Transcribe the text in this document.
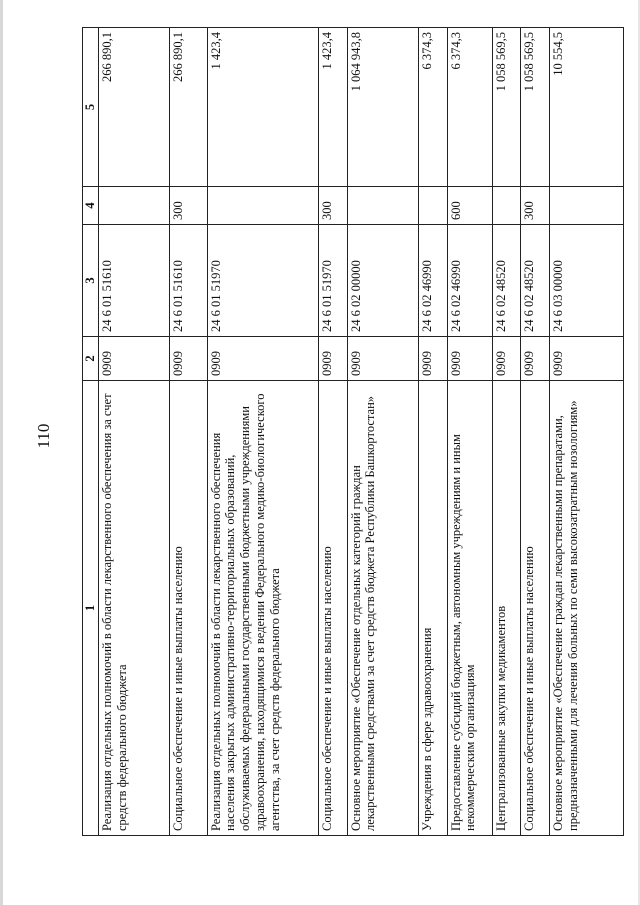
110
1	2	3	4	5
Реализация отдельных полномочий в области лекарственного обеспечения за счет средств федерального бюджета	0909	24 6 01 51610		266 890,1
Социальное обеспечение и иные выплаты населению	0909	24 6 01 51610	300	266 890,1
Реализация отдельных полномочий в области лекарственного обеспечения населения закрытых административно-территориальных образований, обслуживаемых федеральными государственными бюджетными учреждениями здравоохранения, находящимися в ведении Федерального медико-биологического агентства, за счет средств федерального бюджета	0909	24 6 01 51970		1 423,4
Социальное обеспечение и иные выплаты населению	0909	24 6 01 51970	300	1 423,4
Основное мероприятие «Обеспечение отдельных категорий граждан лекарственными средствами за счет средств бюджета Республики Башкортостан»	0909	24 6 02 00000		1 064 943,8
Учреждения в сфере здравоохранения	0909	24 6 02 46990		6 374,3
Предоставление субсидий бюджетным, автономным учреждениям и иным некоммерческим организациям	0909	24 6 02 46990	600	6 374,3
Централизованные закупки медикаментов	0909	24 6 02 48520		1 058 569,5
Социальное обеспечение и иные выплаты населению	0909	24 6 02 48520	300	1 058 569,5
Основное мероприятие «Обеспечение граждан лекарственными препаратами, предназначенными для лечения больных по семи высокозатратным нозологиям»	0909	24 6 03 00000		10 554,5
